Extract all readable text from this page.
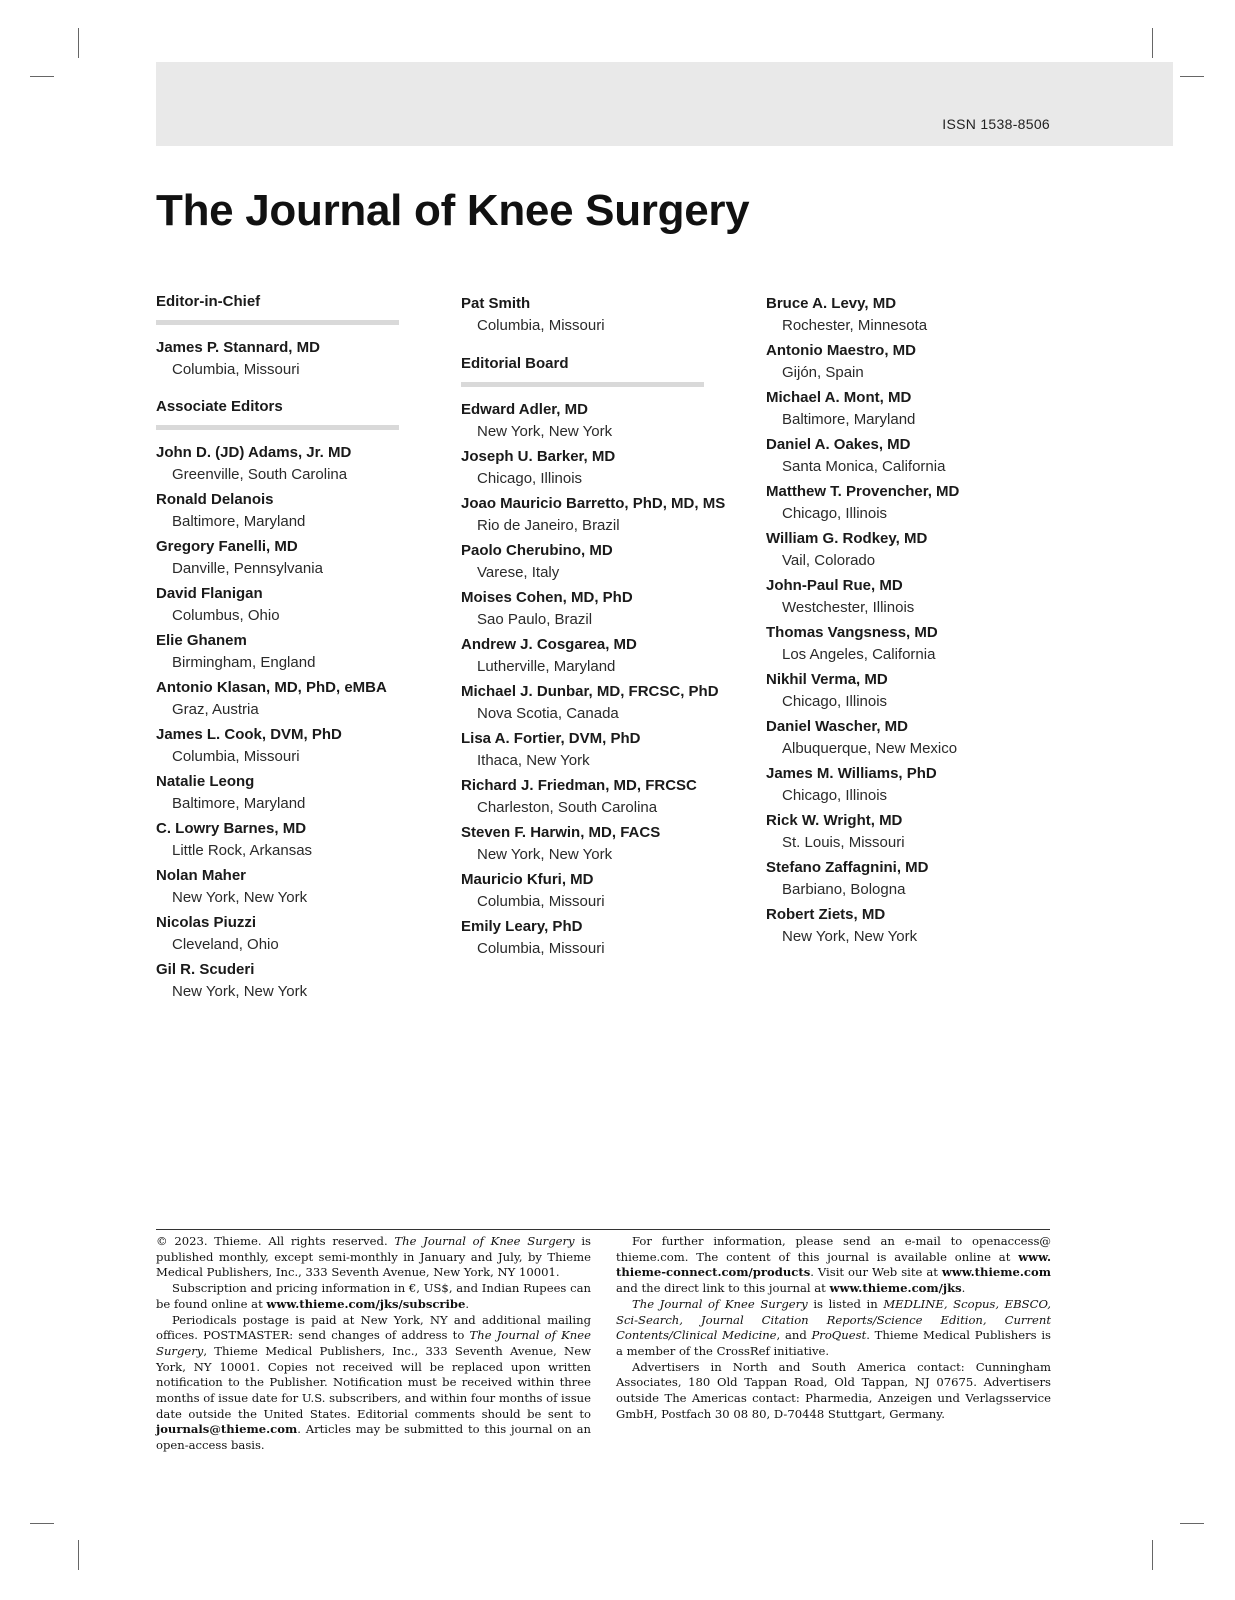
ISSN 1538-8506
The Journal of Knee Surgery
Editor-in-Chief
James P. Stannard, MD
Columbia, Missouri
Associate Editors
John D. (JD) Adams, Jr. MD
Greenville, South Carolina
Ronald Delanois
Baltimore, Maryland
Gregory Fanelli, MD
Danville, Pennsylvania
David Flanigan
Columbus, Ohio
Elie Ghanem
Birmingham, England
Antonio Klasan, MD, PhD, eMBA
Graz, Austria
James L. Cook, DVM, PhD
Columbia, Missouri
Natalie Leong
Baltimore, Maryland
C. Lowry Barnes, MD
Little Rock, Arkansas
Nolan Maher
New York, New York
Nicolas Piuzzi
Cleveland, Ohio
Gil R. Scuderi
New York, New York
Pat Smith
Columbia, Missouri
Editorial Board
Edward Adler, MD
New York, New York
Joseph U. Barker, MD
Chicago, Illinois
Joao Mauricio Barretto, PhD, MD, MS
Rio de Janeiro, Brazil
Paolo Cherubino, MD
Varese, Italy
Moises Cohen, MD, PhD
Sao Paulo, Brazil
Andrew J. Cosgarea, MD
Lutherville, Maryland
Michael J. Dunbar, MD, FRCSC, PhD
Nova Scotia, Canada
Lisa A. Fortier, DVM, PhD
Ithaca, New York
Richard J. Friedman, MD, FRCSC
Charleston, South Carolina
Steven F. Harwin, MD, FACS
New York, New York
Mauricio Kfuri, MD
Columbia, Missouri
Emily Leary, PhD
Columbia, Missouri
Bruce A. Levy, MD
Rochester, Minnesota
Antonio Maestro, MD
Gijón, Spain
Michael A. Mont, MD
Baltimore, Maryland
Daniel A. Oakes, MD
Santa Monica, California
Matthew T. Provencher, MD
Chicago, Illinois
William G. Rodkey, MD
Vail, Colorado
John-Paul Rue, MD
Westchester, Illinois
Thomas Vangsness, MD
Los Angeles, California
Nikhil Verma, MD
Chicago, Illinois
Daniel Wascher, MD
Albuquerque, New Mexico
James M. Williams, PhD
Chicago, Illinois
Rick W. Wright, MD
St. Louis, Missouri
Stefano Zaffagnini, MD
Barbiano, Bologna
Robert Ziets, MD
New York, New York

© 2023. Thieme. All rights reserved. The Journal of Knee Surgery is published monthly, except semi-monthly in January and July, by Thieme Medical Publishers, Inc., 333 Seventh Avenue, New York, NY 10001.

Subscription and pricing information in €, US$, and Indian Rupees can be found online at www.thieme.com/jks/subscribe.

Periodicals postage is paid at New York, NY and additional mailing offices. POSTMASTER: send changes of address to The Journal of Knee Surgery, Thieme Medical Publishers, Inc., 333 Seventh Avenue, New York, NY 10001. Copies not received will be replaced upon written notification to the Publisher. Notification must be received within three months of issue date for U.S. subscribers, and within four months of issue date outside the United States. Editorial comments should be sent to journals@thieme.com. Articles may be submitted to this journal on an open-access basis.

For further information, please send an e-mail to openaccess@ thieme.com. The content of this journal is available online at www. thieme-connect.com/products. Visit our Web site at www.thieme.com and the direct link to this journal at www.thieme.com/jks.

The Journal of Knee Surgery is listed in MEDLINE, Scopus, EBSCO, Sci-Search, Journal Citation Reports/Science Edition, Current Contents/Clinical Medicine, and ProQuest. Thieme Medical Publishers is a member of the CrossRef initiative.

Advertisers in North and South America contact: Cunningham Associates, 180 Old Tappan Road, Old Tappan, NJ 07675. Advertisers outside The Americas contact: Pharmedia, Anzeigen und Verlagsservice GmbH, Postfach 30 08 80, D-70448 Stuttgart, Germany.
